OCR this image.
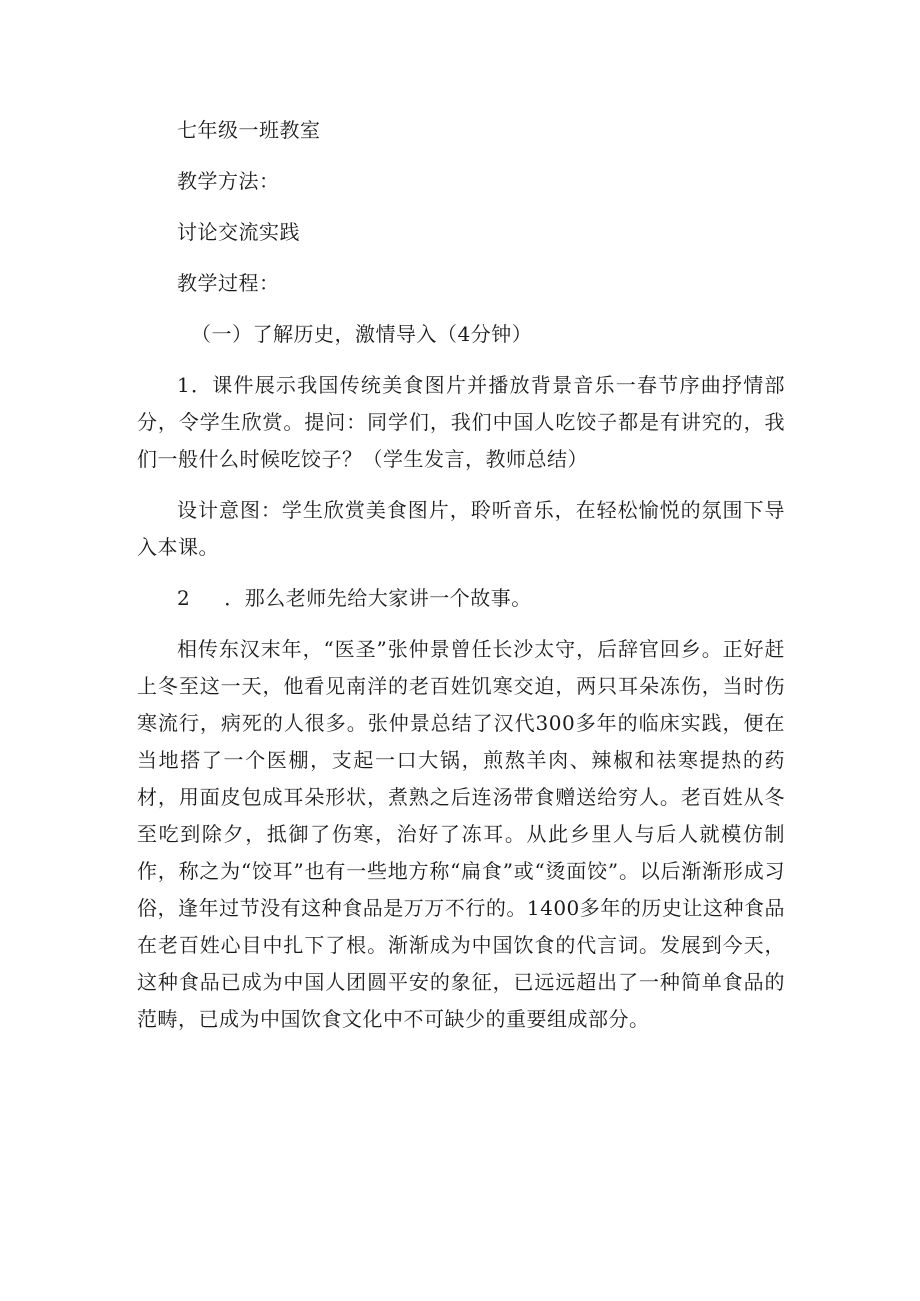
七年级一班教室

教学方法：

讨论交流实践

教学过程：

（一）了解历史，激情导入（4分钟）

1．课件展示我国传统美食图片并播放背景音乐一春节序曲抒情部分，令学生欣赏。提问：同学们，我们中国人吃饺子都是有讲究的，我们一般什么时候吃饺子？（学生发言，教师总结）

设计意图：学生欣赏美食图片，聆听音乐，在轻松愉悦的氛围下导入本课。

2 ．那么老师先给大家讲一个故事。

相传东汉末年，“医圣”张仲景曾任长沙太守，后辞官回乡。正好赶上冬至这一天，他看见南洋的老百姓饥寒交迫，两只耳朵冻伤，当时伤寒流行，病死的人很多。张仲景总结了汉代300多年的临床实践，便在当地搭了一个医棚，支起一口大锅，煎熬羊肉、辣椒和祛寒提热的药材，用面皮包成耳朵形状，煮熟之后连汤带食赠送给穷人。老百姓从冬至吃到除夕，抵御了伤寒，治好了冻耳。从此乡里人与后人就模仿制作，称之为“饺耳”也有一些地方称“扁食”或“烫面饺”。以后渐渐形成习俗，逢年过节没有这种食品是万万不行的。1400多年的历史让这种食品在老百姓心目中扎下了根。渐渐成为中国饮食的代言词。发展到今天，这种食品已成为中国人团圆平安的象征，已远远超出了一种简单食品的范畴，已成为中国饮食文化中不可缺少的重要组成部分。
